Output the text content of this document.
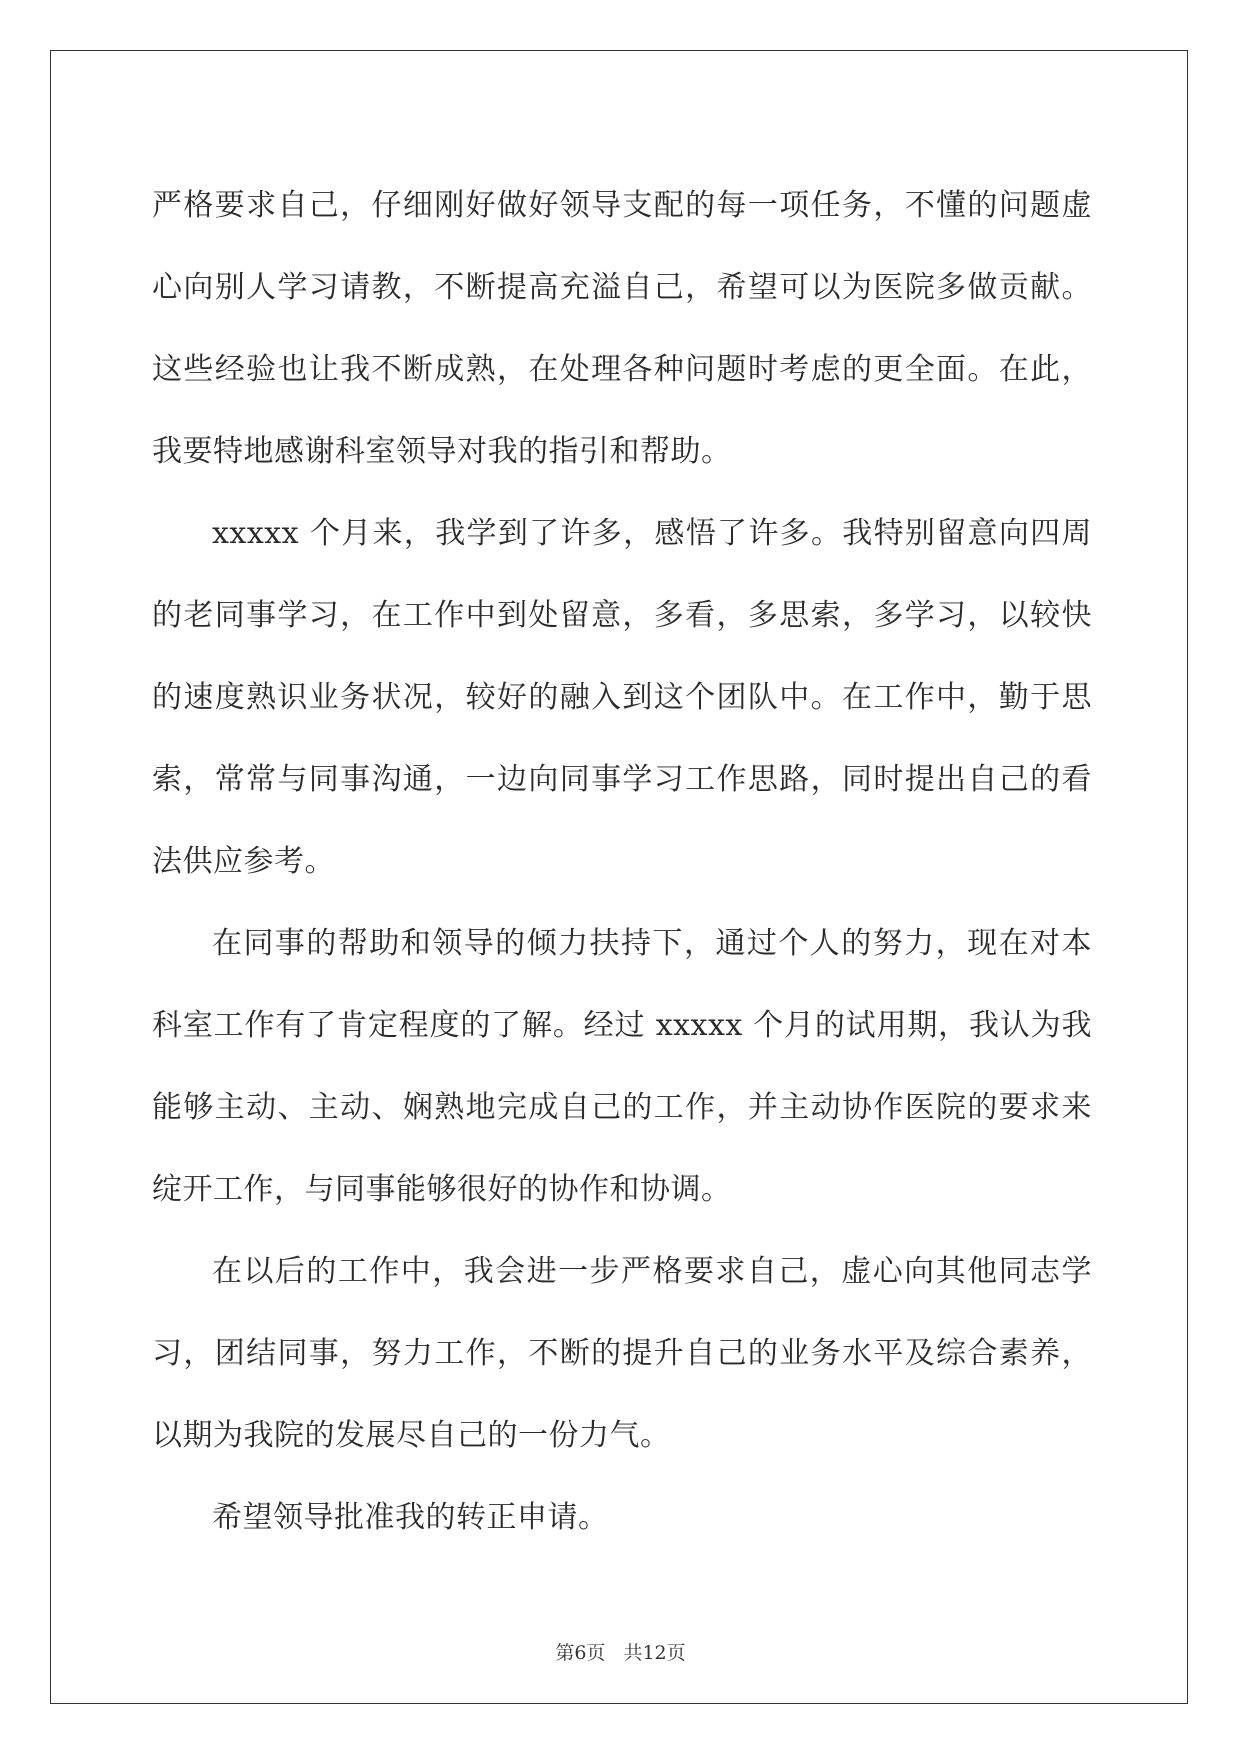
严格要求自己，仔细刚好做好领导支配的每一项任务，不懂的问题虚心向别人学习请教，不断提高充溢自己，希望可以为医院多做贡献。这些经验也让我不断成熟，在处理各种问题时考虑的更全面。在此，我要特地感谢科室领导对我的指引和帮助。

xxxxx 个月来，我学到了许多，感悟了许多。我特别留意向四周的老同事学习，在工作中到处留意，多看，多思索，多学习，以较快的速度熟识业务状况，较好的融入到这个团队中。在工作中，勤于思索，常常与同事沟通，一边向同事学习工作思路，同时提出自己的看法供应参考。

在同事的帮助和领导的倾力扶持下，通过个人的努力，现在对本科室工作有了肯定程度的了解。经过 xxxxx 个月的试用期，我认为我能够主动、主动、娴熟地完成自己的工作，并主动协作医院的要求来绽开工作，与同事能够很好的协作和协调。

在以后的工作中，我会进一步严格要求自己，虚心向其他同志学习，团结同事，努力工作，不断的提升自己的业务水平及综合素养，以期为我院的发展尽自己的一份力气。

希望领导批准我的转正申请。

第6页 共12页
